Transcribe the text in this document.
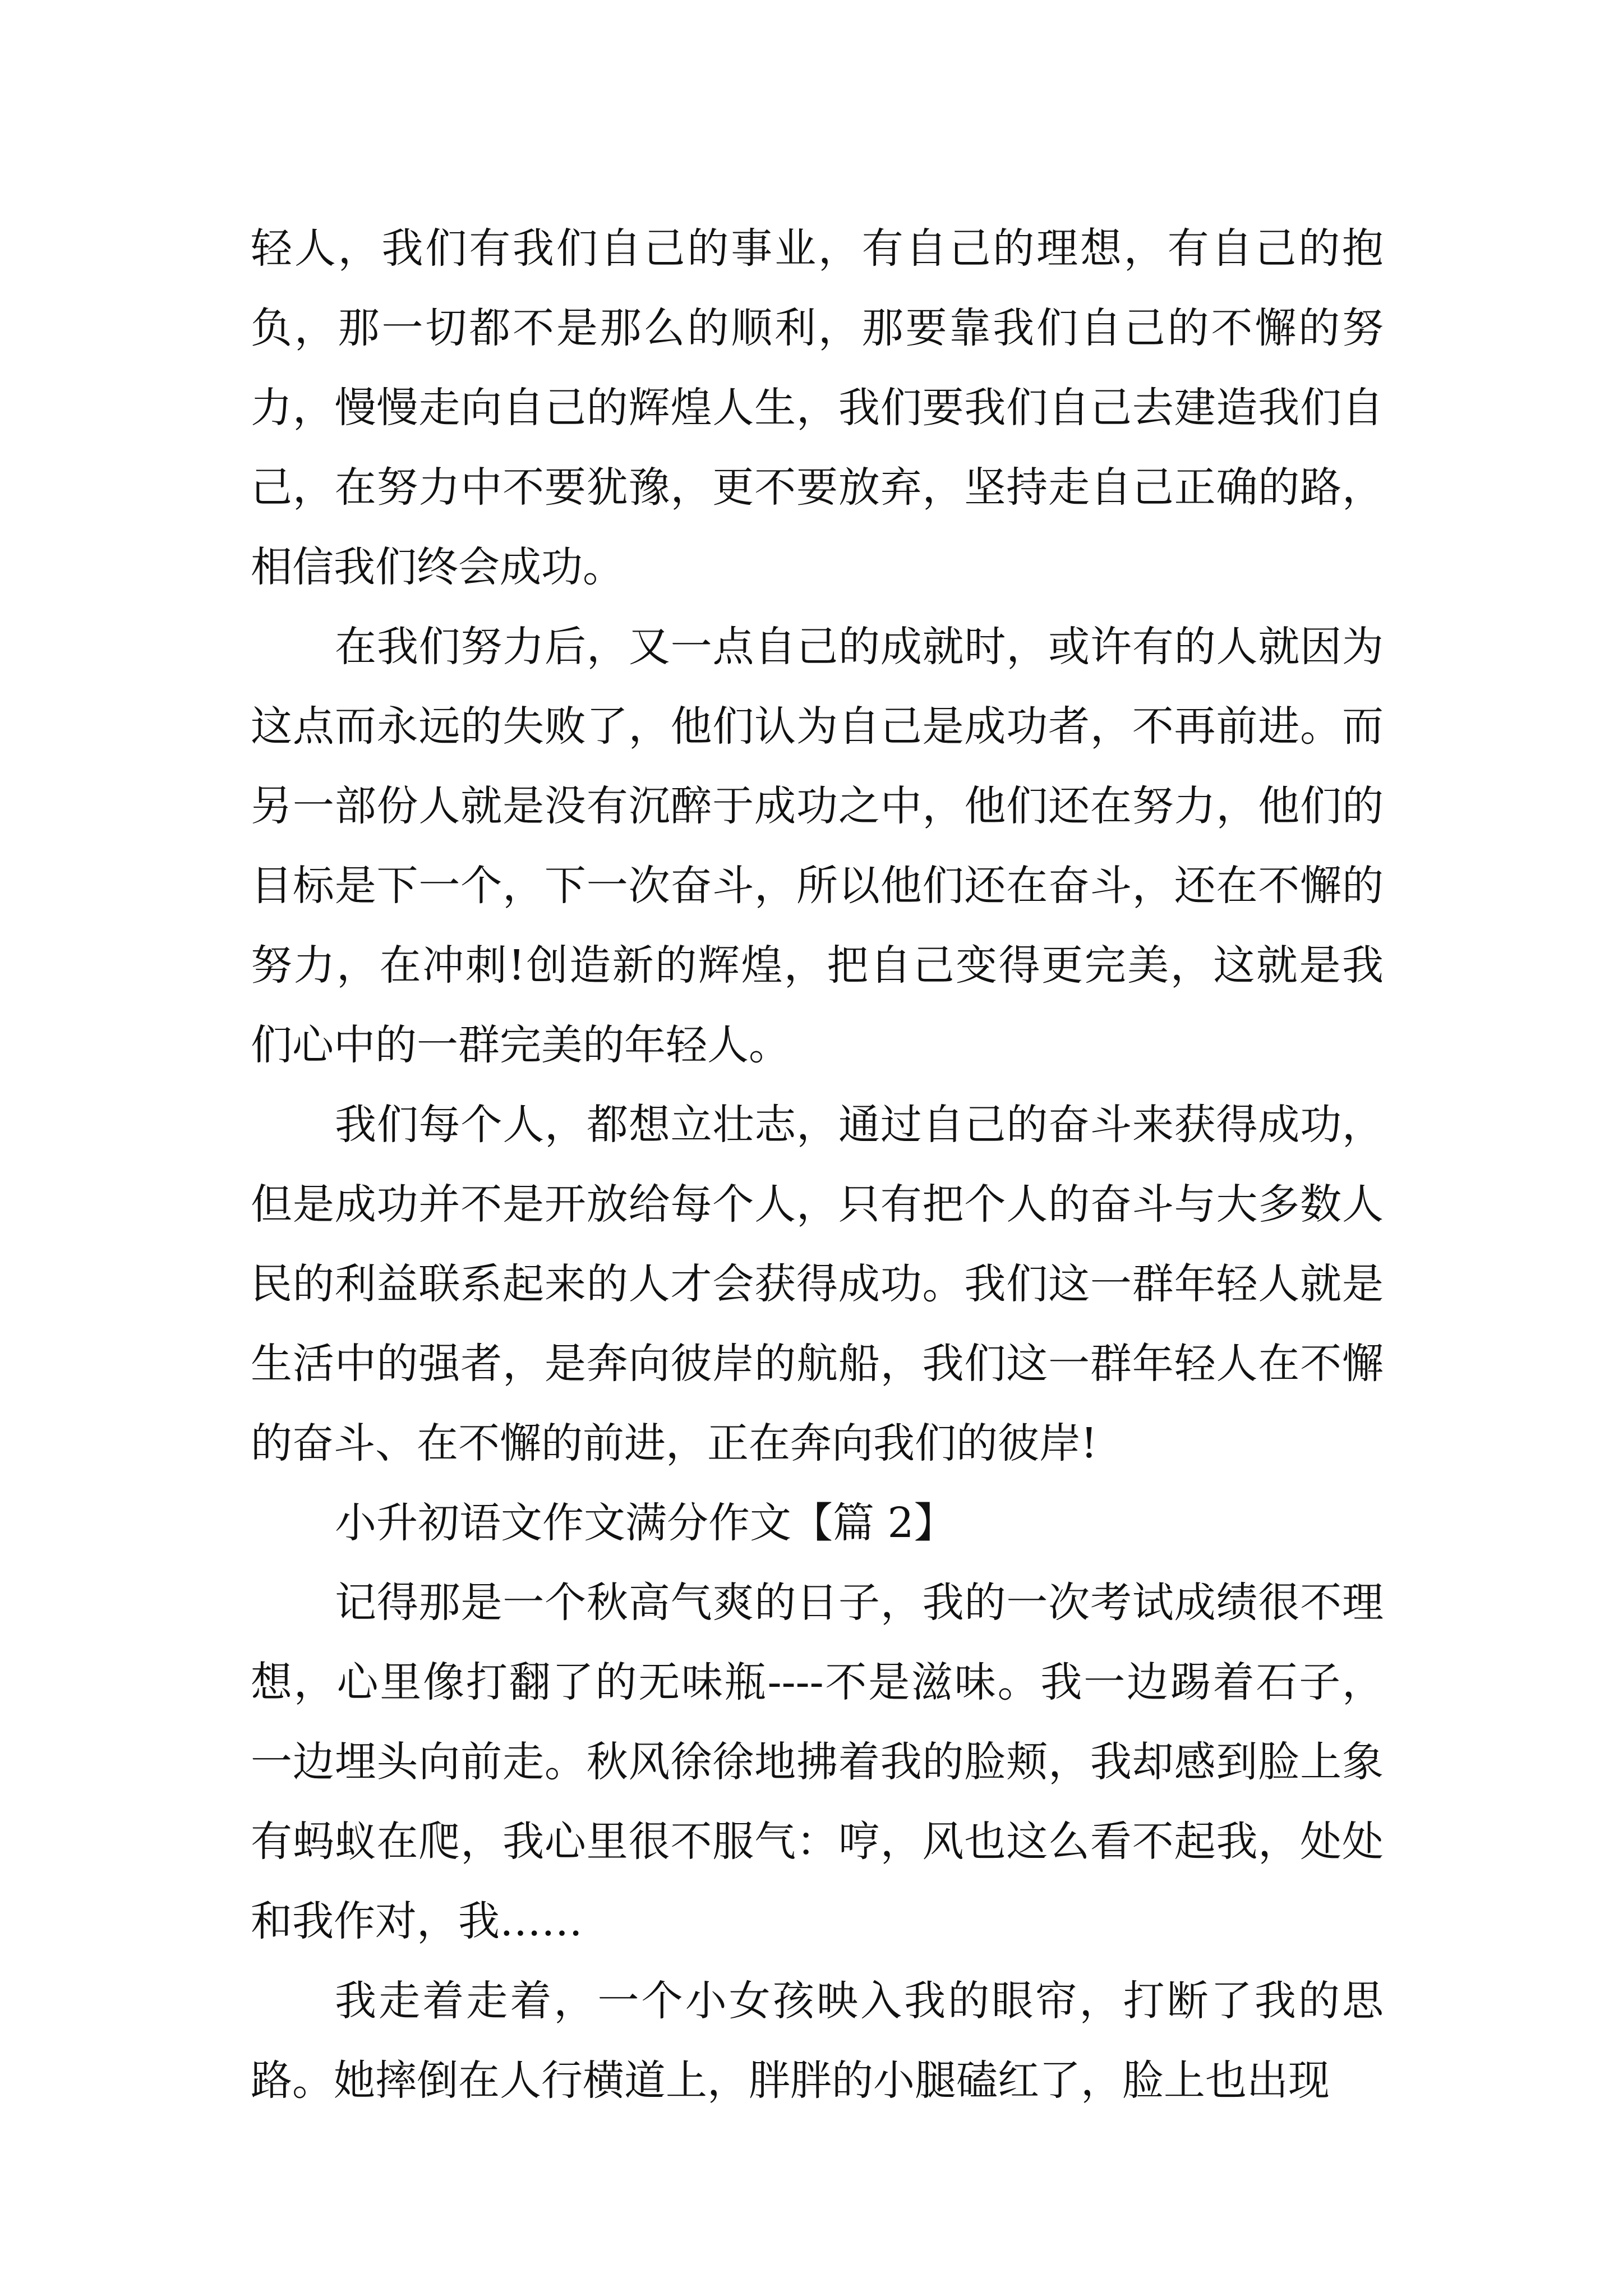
轻人，我们有我们自己的事业，有自己的理想，有自己的抱负，那一切都不是那么的顺利，那要靠我们自己的不懈的努力，慢慢走向自己的辉煌人生，我们要我们自己去建造我们自己，在努力中不要犹豫，更不要放弃，坚持走自己正确的路，相信我们终会成功。

在我们努力后，又一点自己的成就时，或许有的人就因为这点而永远的失败了，他们认为自己是成功者，不再前进。而另一部份人就是没有沉醉于成功之中，他们还在努力，他们的目标是下一个，下一次奋斗，所以他们还在奋斗，还在不懈的努力，在冲刺!创造新的辉煌，把自己变得更完美，这就是我们心中的一群完美的年轻人。

我们每个人，都想立壮志，通过自己的奋斗来获得成功，但是成功并不是开放给每个人，只有把个人的奋斗与大多数人民的利益联系起来的人才会获得成功。我们这一群年轻人就是生活中的强者，是奔向彼岸的航船，我们这一群年轻人在不懈的奋斗、在不懈的前进，正在奔向我们的彼岸!

小升初语文作文满分作文【篇 2】

记得那是一个秋高气爽的日子，我的一次考试成绩很不理想，心里像打翻了的无味瓶----不是滋味。我一边踢着石子，一边埋头向前走。秋风徐徐地拂着我的脸颊，我却感到脸上象有蚂蚁在爬，我心里很不服气：哼，风也这么看不起我，处处和我作对，我……

我走着走着，一个小女孩映入我的眼帘，打断了我的思路。她摔倒在人行横道上，胖胖的小腿磕红了，脸上也出现
